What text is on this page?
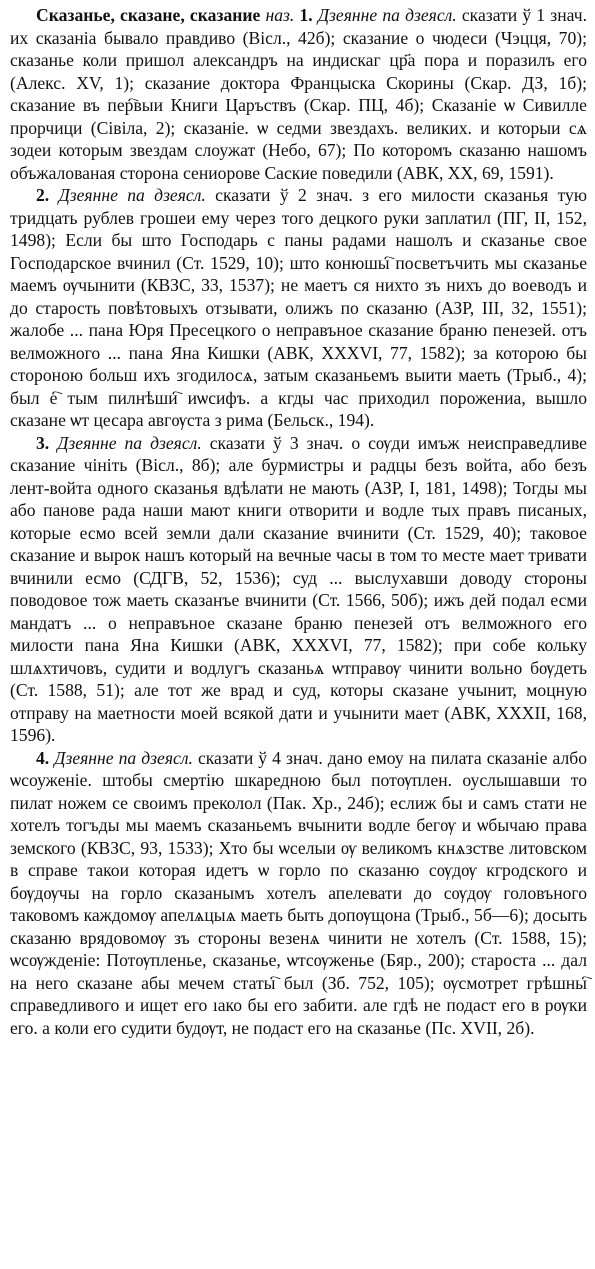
Сказанье, сказане, сказание наз. 1. Дзеянне па дзеясл. сказати ў 1 знач. их сказанiа бывало правдиво (Вісл., 42б); сказание о чюдеси (Чэцця, 70); сказанье коли пришол александръ на индискаг цр҃а пора и поразилъ его (Алекс. XV, 1); сказание доктора Францыска Скорины (Скар. ДЗ, 1б); сказание въ пер҇выи Книги Царъствъ (Скар. ПЦ, 4б); Сказанiе ѡ Сивилле прорчици (Сівіла, 2); сказанiе. ѡ седми звездахъ. великих. и которыи сѧ зодеи которым звездам слоужат (Небо, 67); По которомъ сказаню нашомъ объжалованая сторона сениорове Саские поведили (АВК, XX, 69, 1591).

2. Дзеянне па дзеясл. сказати ў 2 знач. з его милости сказанья тую тридцать рублев грошеи ему через того децкого руки заплатил (ПГ, II, 152, 1498); Если бы што Господарь с паны радами нашолъ и сказанье свое Господарское вчинил (Ст. 1529, 10); што конюшы҇ посветъчить мы сказанье маемъ ѹчынити (КВЗС, 33, 1537); не маетъ ся нихто зъ нихъ до воеводъ и до старость повѣтовыхъ отзывати, олижъ по сказаню (АЗР, III, 32, 1551); жалобе ... пана Юря Пресецкого о неправъное сказание браню пенезей. отъ велможного ... пана Яна Кишки (АВК, XXXVI, 77, 1582); за которою бы стороною больш ихъ згодилосѧ, затым сказаньемъ выити маеть (Трыб., 4); был е҇ тым пилнѣши҇ иѡсифъ. а кгды час приходил порожениа, вышло сказане ѡт цесара авгѹста з рима (Бельск., 194).

3. Дзеянне па дзеясл. сказати ў 3 знач. о сѹди имъж неисправедливе сказание чініть (Вісл., 8б); але бурмистры и радцы безъ войта, або безъ лент-войта одного сказанья вдѣлати не мають (АЗР, I, 181, 1498); Тогды мы або панове рада наши мают книги отворити и водле тых правъ писаных, которые есмо всей земли дали сказание вчинити (Ст. 1529, 40); таковое сказание и вырок нашъ который на вечные часы в том то месте мает тривати вчинили есмо (СДГВ, 52, 1536); суд ... выслухавши доводу стороны поводовое тож маеть сказанъе вчинити (Ст. 1566, 50б); ижъ дей подал есми мандатъ ... о неправъное сказане браню пенезей отъ велможного его милости пана Яна Кишки (АВК, XXXVI, 77, 1582); при собе кольку шлѧхтичовъ, судити и водлугъ сказаньѧ ѡтправѹ чинити вольно бѹдеть (Ст. 1588, 51); але тот же врад и суд, которы сказане учынит, моцную отправу на маетности моей всякой дати и учынити мает (АВК, XXXII, 168, 1596).

4. Дзеянне па дзеясл. сказати ў 4 знач. дано емоу на пилата сказаніе албо ѡсоуженіе. штобы смертію шкаредною был потѹплен. оуслышавши то пилат ножем се своимъ преколол (Пак. Хр., 24б); еслиж бы и самъ стати не хотелъ тогъды мы маемъ сказаньемъ вчынити водле бегѹ и ѡбычаю права земского (КВЗС, 93, 1533); Хто бы ѡселыи ѹ великомъ кнѧзстве литовском в справе такои которая идетъ ѡ горло по сказаню сѹдѹ кгродского и бѹдѹчы на горло сказанымъ хотелъ апелевати до сѹдѹ головъного таковомъ каждомѹ апелѧцыѧ маеть быть допѹщона (Трыб., 5б—6); досыть сказаню врядовомѹ зъ стороны везенѧ чинити не хотелъ (Ст. 1588, 15); ѡсѹжденіе: Потѹпленье, сказанье, ѡтсѹженье (Бяр., 200); староста ... дал на него сказане абы мечем статы҇ был (Зб. 752, 105); ѹсмотрет грѣшны҇ справедливого и ищет его ıако бы его забити. але гдѣ не подаст его в рѹки его. а коли его судити будѹт, не подаст его на сказанье (Пс. XVII, 2б).
